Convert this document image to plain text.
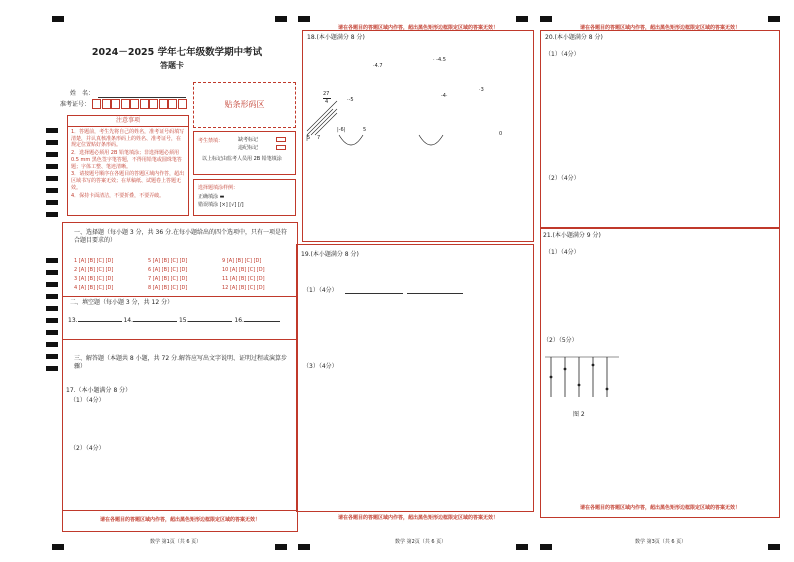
2024－2025 学年七年级数学期中考试
答题卡
姓　名：
准考证号：	贴条形码区
注意事项
1．答题前，考生先将自己的姓名，准考证号码填写清楚，并认真核准条形码上的姓名、准考证号，在规定位置贴好条形码。
2．选择题必须用 2B 铅笔填涂；非选择题必须用 0.5 mm 黑色签字笔答题，不得用铅笔或圆珠笔答题；字体工整、笔迹清晰。
3．请按题号顺序在各题目的答题区域内作答，超出区域书写的答案无效；在草稿纸、试题卷上答题无效。
4．保持卡面清洁，不要折叠，不要弄破。
考生禁填：	缺考标记
违纪标记
以上标记由监考人员用 2B 铅笔填涂
选择题填涂样例：
正确填涂 ▬
错误填涂 [×] [√] [/]
一、选择题（每小题 3 分，共 36 分.在每小题给出的四个选项中，只有一项是符合题目要求的）
1 [A] [B] [C] [D]
2 [A] [B] [C] [D]
3 [A] [B] [C] [D]
4 [A] [B] [C] [D]
5 [A] [B] [C] [D]
6 [A] [B] [C] [D]
7 [A] [B] [C] [D]
8 [A] [B] [C] [D]
9 [A] [B] [C] [D]
10 [A] [B] [C] [D]
11 [A] [B] [C] [D]
12 [A] [B] [C] [D]
二、填空题（每小题 3 分，共 12 分）
13.	14.	15.	16.
三、解答题（本题共 8 小题，共 72 分.解答应写出文字说明、证明过程或演算步骤）
17.（本小题满分 8 分）
（1）（4分）
（2）（4分）
请在各题目的答题区域内作答，超出黑色矩形边框限定区域的答案无效！
请在各题目的答题区域内作答，超出黑色矩形边框限定区域的答案无效！
18.(本小题满分 8 分)
·4.7
· -4.5
·-5
-4·
·3
27
4
5 7
|-6|	5
0
19.(本小题满分 8 分)
（1）（4分）
（3）（4分）
请在各题目的答题区域内作答，超出黑色矩形边框限定区域的答案无效！
请在各题目的答题区域内作答，超出黑色矩形边框限定区域的答案无效！
20.(本小题满分 8 分)
（1）（4分）
（2）（4分）
21.(本小题满分 9 分)
（1）（4分）
（2）（5分）
图 2
请在各题目的答题区域内作答，超出黑色矩形边框限定区域的答案无效！
数学 第1页（共 6 页）	数学 第2页（共 6 页）	数学 第3页（共 6 页）
